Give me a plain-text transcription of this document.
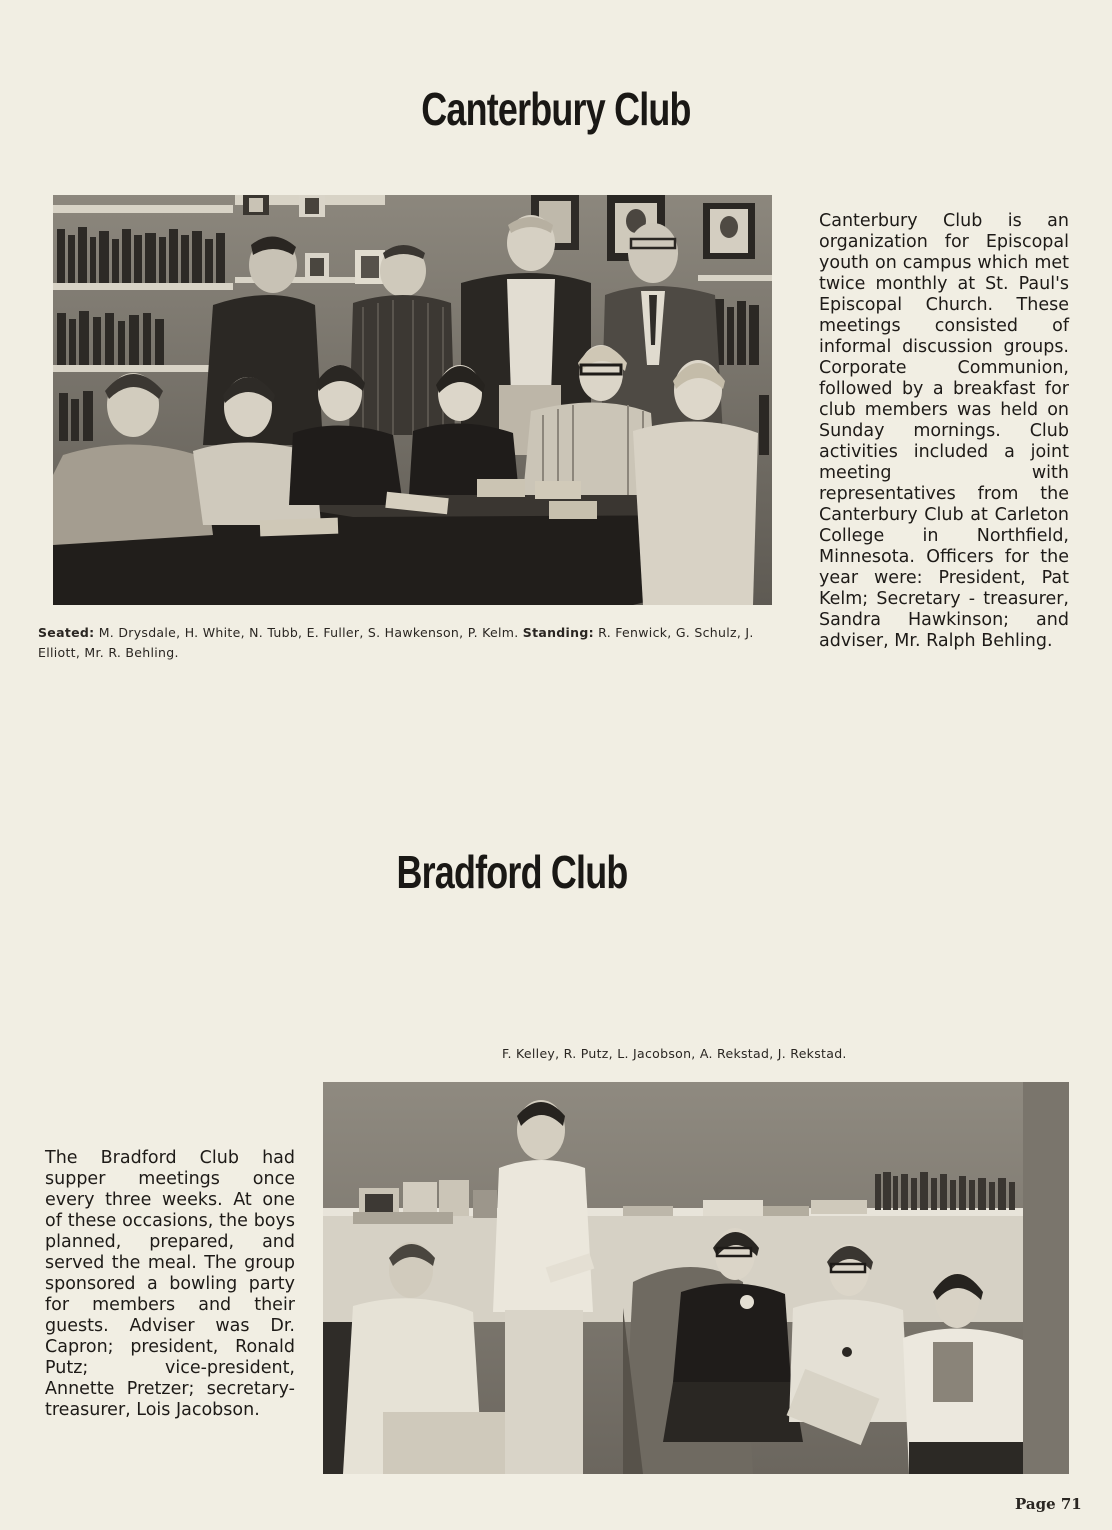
Canterbury Club
Seated: M. Drysdale, H. White, N. Tubb, E. Fuller, S. Hawkenson, P. Kelm. Standing: R. Fenwick, G. Schulz, J. Elliott, Mr. R. Behling.

Canterbury Club is an organization for Episcopal youth on campus which met twice monthly at St. Paul's Episcopal Church. These meetings consisted of informal discussion groups. Corporate Communion, followed by a breakfast for club members was held on Sunday mornings. Club activities included a joint meeting with representatives from the Canterbury Club at Carleton College in Northfield, Minnesota. Officers for the year were: President, Pat Kelm; Secretary - treasurer, Sandra Hawkinson; and adviser, Mr. Ralph Behling.

Bradford Club
F. Kelley, R. Putz, L. Jacobson, A. Rekstad, J. Rekstad.

The Bradford Club had supper meetings once every three weeks. At one of these occasions, the boys planned, prepared, and served the meal. The group sponsored a bowling party for members and their guests. Adviser was Dr. Capron; president, Ronald Putz; vice-president, Annette Pretzer; secretary-treasurer, Lois Jacobson.

Page 71
